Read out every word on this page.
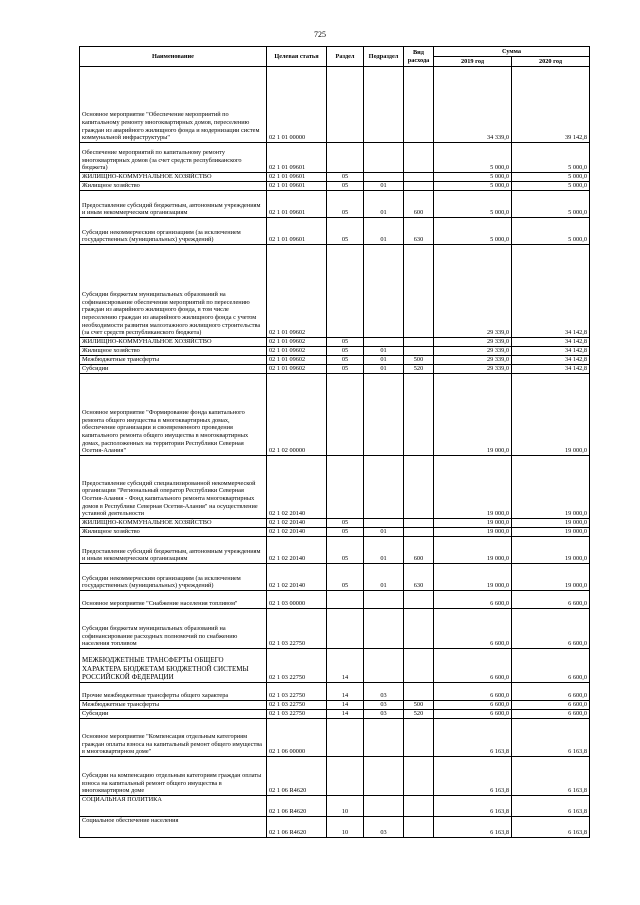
725
Наименование	Целевая статья	Раздел	Подраздел	Вид расхода	Сумма	
					2019 год	2020 год
Основное мероприятие "Обеспечение мероприятий по капитальному ремонту многоквартирных домов, переселению граждан из аварийного жилищного фонда и модернизации систем коммунальной инфраструктуры"	02 1 01 00000				34 339,0	39 142,8
Обеспечение мероприятий по капитальному ремонту многоквартирных домов (за счет средств республиканского бюджета)	02 1 01 09601				5 000,0	5 000,0
ЖИЛИЩНО-КОММУНАЛЬНОЕ ХОЗЯЙСТВО	02 1 01 09601	05			5 000,0	5 000,0
Жилищное хозяйство	02 1 01 09601	05	01		5 000,0	5 000,0
Предоставление субсидий бюджетным, автономным учреждениям и иным некоммерческим организациям	02 1 01 09601	05	01	600	5 000,0	5 000,0
Субсидии некоммерческим организациям (за исключением государственных (муниципальных) учреждений)	02 1 01 09601	05	01	630	5 000,0	5 000,0
Субсидии бюджетам муниципальных образований на софинансирование обеспечения мероприятий по переселению граждан из аварийного жилищного фонда, в том числе переселению граждан из аварийного жилищного фонда с учетом необходимости развития малоэтажного жилищного строительства (за счет средств республиканского бюджета)	02 1 01 09602				29 339,0	34 142,8
ЖИЛИЩНО-КОММУНАЛЬНОЕ ХОЗЯЙСТВО	02 1 01 09602	05			29 339,0	34 142,8
Жилищное хозяйство	02 1 01 09602	05	01		29 339,0	34 142,8
Межбюджетные трансферты	02 1 01 09602	05	01	500	29 339,0	34 142,8
Субсидии	02 1 01 09602	05	01	520	29 339,0	34 142,8
Основное мероприятие "Формирование фонда капитального ремонта общего имущества в многоквартирных домах, обеспечение организации и своевременного проведения капитального ремонта общего имущества в многоквартирных домах, расположенных на территории Республики Северная Осетия-Алания"	02 1 02 00000				19 000,0	19 000,0
Предоставление субсидий специализированной некоммерческой организации "Региональный оператор Республики Северная Осетия-Алания - Фонд капитального ремонта многоквартирных домов в Республике Северная Осетия-Алания" на осуществление уставной деятельности	02 1 02 20140				19 000,0	19 000,0
ЖИЛИЩНО-КОММУНАЛЬНОЕ ХОЗЯЙСТВО	02 1 02 20140	05			19 000,0	19 000,0
Жилищное хозяйство	02 1 02 20140	05	01		19 000,0	19 000,0
Предоставление субсидий бюджетным, автономным учреждениям и иным некоммерческим организациям	02 1 02 20140	05	01	600	19 000,0	19 000,0
Субсидии некоммерческим организациям (за исключением государственных (муниципальных) учреждений)	02 1 02 20140	05	01	630	19 000,0	19 000,0
Основное мероприятие "Снабжение населения топливом"	02 1 03 00000				6 600,0	6 600,0
Субсидии бюджетам муниципальных образований на софинансирование расходных полномочий по снабжению населения топливом	02 1 03 22750				6 600,0	6 600,0
МЕЖБЮДЖЕТНЫЕ ТРАНСФЕРТЫ ОБЩЕГО ХАРАКТЕРА БЮДЖЕТАМ БЮДЖЕТНОЙ СИСТЕМЫ РОССИЙСКОЙ ФЕДЕРАЦИИ	02 1 03 22750	14			6 600,0	6 600,0
Прочие межбюджетные трансферты общего характера	02 1 03 22750	14	03		6 600,0	6 600,0
Межбюджетные трансферты	02 1 03 22750	14	03	500	6 600,0	6 600,0
Субсидии	02 1 03 22750	14	03	520	6 600,0	6 600,0
Основное мероприятие "Компенсация отдельным категориям граждан оплаты взноса на капитальный ремонт общего имущества в многоквартирном доме"	02 1 06 00000				6 163,8	6 163,8
Субсидии на компенсацию отдельным категориям граждан оплаты взноса на капитальный ремонт общего имущества в многоквартирном доме	02 1 06 R4620				6 163,8	6 163,8
СОЦИАЛЬНАЯ ПОЛИТИКА	02 1 06 R4620	10			6 163,8	6 163,8
Социальное обеспечение населения	02 1 06 R4620	10	03		6 163,8	6 163,8
